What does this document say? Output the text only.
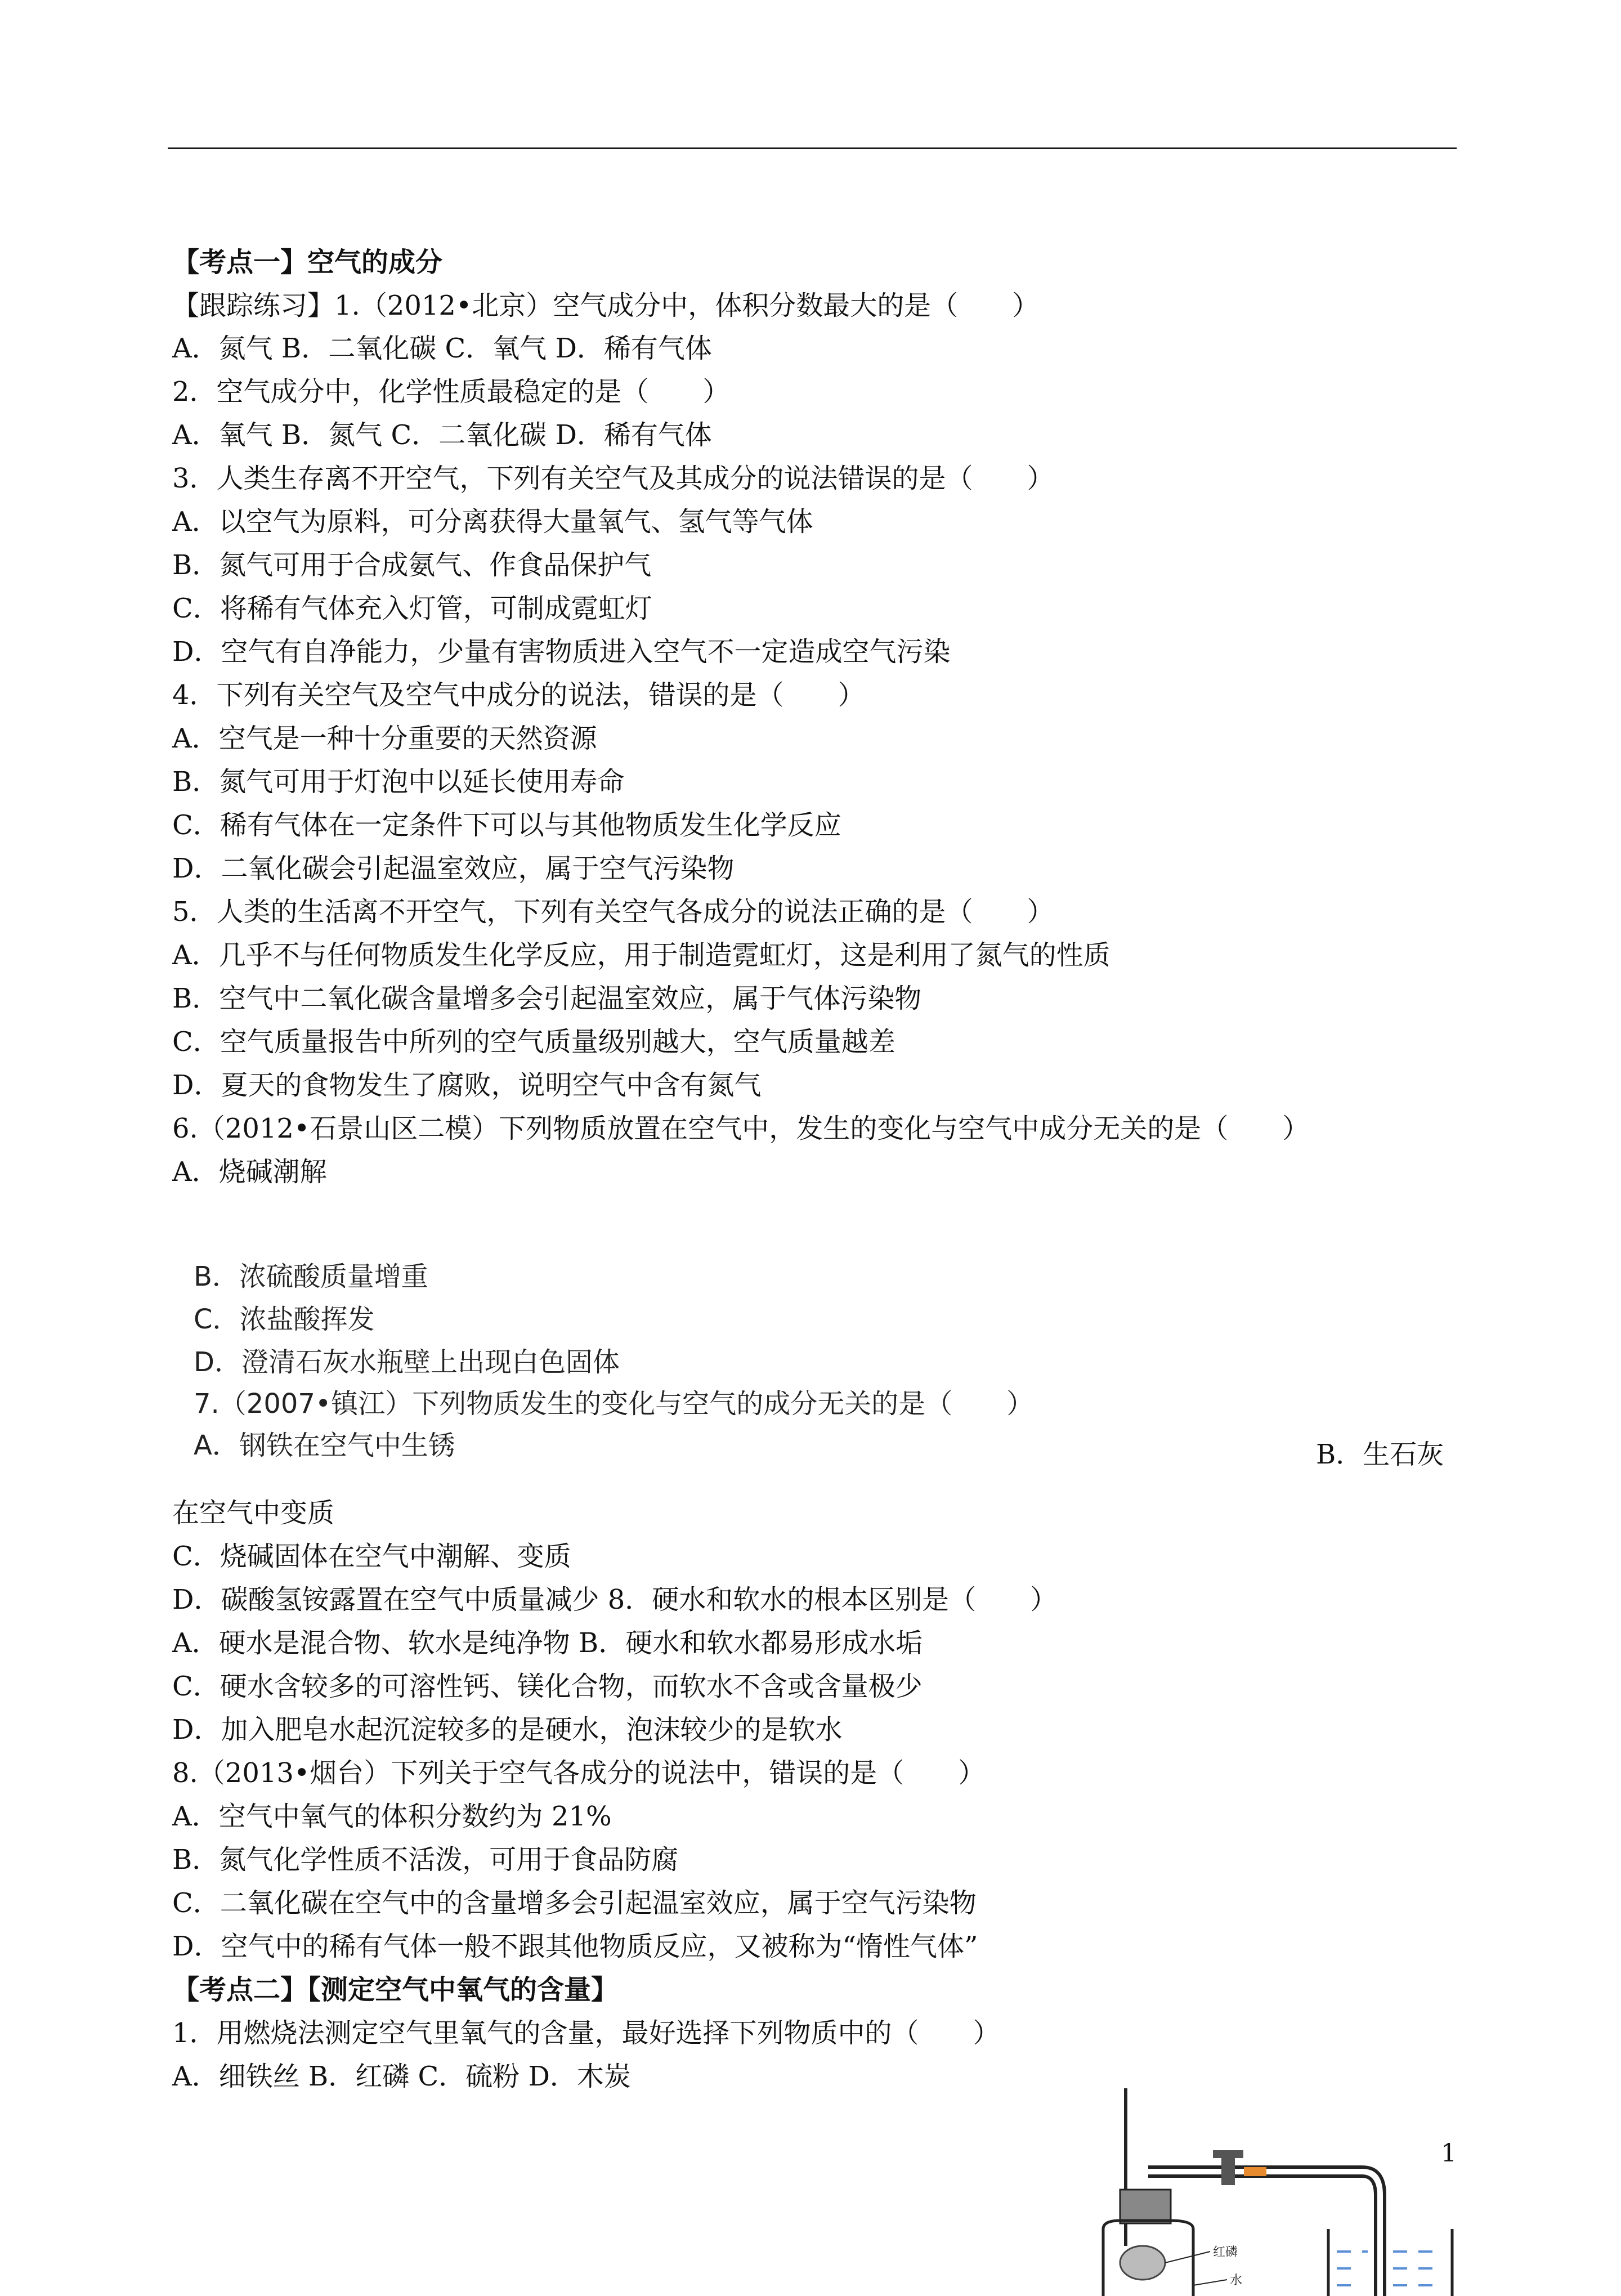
【考点一】空气的成分
【跟踪练习】1.（2012•北京）空气成分中，体积分数最大的是（　　）
A．氮气 B．二氧化碳 C．氧气 D．稀有气体
2．空气成分中，化学性质最稳定的是（　　）
A．氧气 B．氮气 C．二氧化碳 D．稀有气体
3．人类生存离不开空气，下列有关空气及其成分的说法错误的是（　　）
A．以空气为原料，可分离获得大量氧气、氢气等气体
B．氮气可用于合成氨气、作食品保护气
C．将稀有气体充入灯管，可制成霓虹灯
D．空气有自净能力，少量有害物质进入空气不一定造成空气污染
4．下列有关空气及空气中成分的说法，错误的是（　　）
A．空气是一种十分重要的天然资源
B．氮气可用于灯泡中以延长使用寿命
C．稀有气体在一定条件下可以与其他物质发生化学反应
D．二氧化碳会引起温室效应，属于空气污染物
5．人类的生活离不开空气，下列有关空气各成分的说法正确的是（　　）
A．几乎不与任何物质发生化学反应，用于制造霓虹灯，这是利用了氮气的性质
B．空气中二氧化碳含量增多会引起温室效应，属于气体污染物
C．空气质量报告中所列的空气质量级别越大，空气质量越差
D．夏天的食物发生了腐败，说明空气中含有氮气
6.（2012•石景山区二模）下列物质放置在空气中，发生的变化与空气中成分无关的是（　　）
A．烧碱潮解
B．浓硫酸质量增重
C．浓盐酸挥发
D．澄清石灰水瓶壁上出现白色固体
7.（2007•镇江）下列物质发生的变化与空气的成分无关的是（　　）
A．钢铁在空气中生锈	B．生石灰
在空气中变质
C．烧碱固体在空气中潮解、变质
D．碳酸氢铵露置在空气中质量减少 8．硬水和软水的根本区别是（　　）
A．硬水是混合物、软水是纯净物 B．硬水和软水都易形成水垢
C．硬水含较多的可溶性钙、镁化合物，而软水不含或含量极少
D．加入肥皂水起沉淀较多的是硬水，泡沫较少的是软水
8.（2013•烟台）下列关于空气各成分的说法中，错误的是（　　）
A．空气中氧气的体积分数约为 21%
B．氮气化学性质不活泼，可用于食品防腐
C．二氧化碳在空气中的含量增多会引起温室效应，属于空气污染物
D．空气中的稀有气体一般不跟其他物质反应，又被称为“惰性气体”
【考点二】【测定空气中氧气的含量】
1．用燃烧法测定空气里氧气的含量，最好选择下列物质中的（　　）
A．细铁丝 B．红磷 C．硫粉 D．木炭
1
红磷
水
